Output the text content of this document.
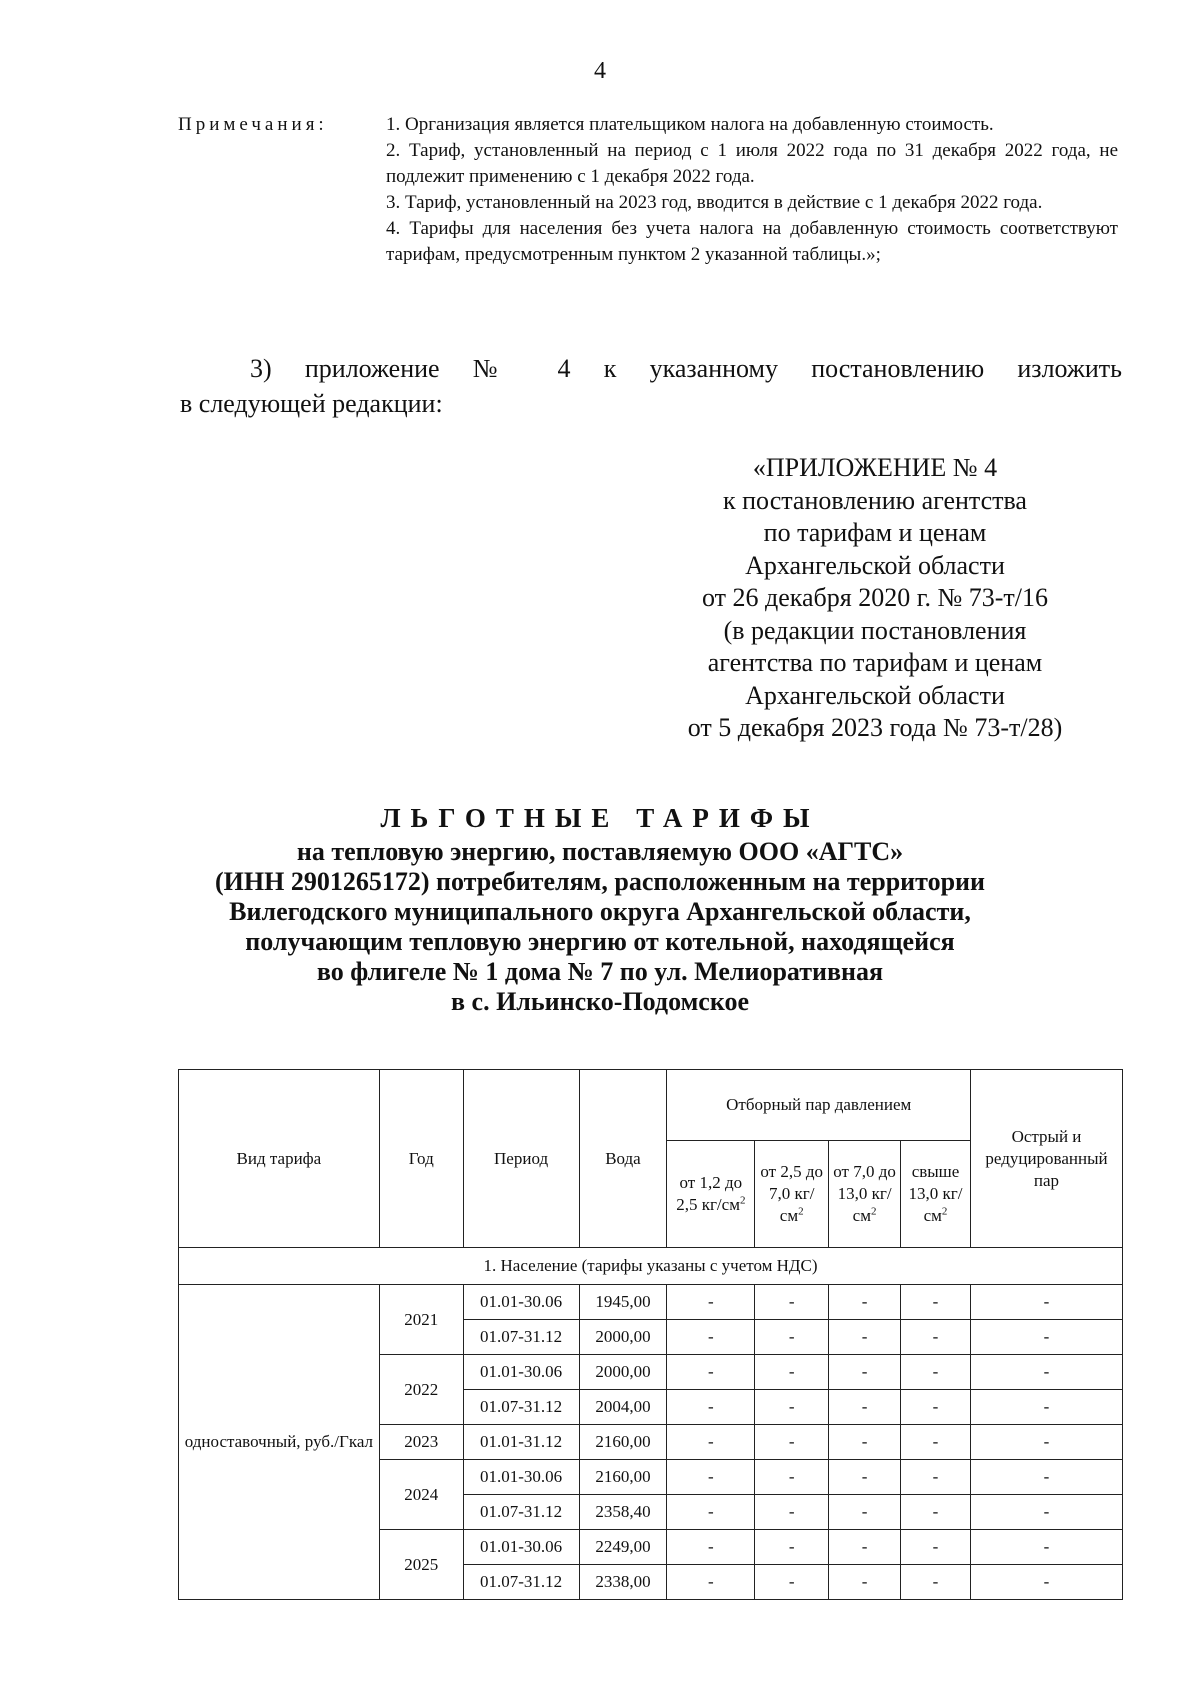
4
Примечания:	1. Организация является плательщиком налога на добавленную стоимость.
2. Тариф, установленный на период с 1 июля 2022 года по 31 декабря 2022 года, не подлежит применению с 1 декабря 2022 года.
3. Тариф, установленный на 2023 год, вводится в действие с 1 декабря 2022 года.
4. Тарифы для населения без учета налога на добавленную стоимость соответствуют тарифам, предусмотренным пунктом 2 указанной таблицы.»;
3) приложение № 4 к указанному постановлению изложить
в следующей редакции:
«ПРИЛОЖЕНИЕ № 4
к постановлению агентства
по тарифам и ценам
Архангельской области
от 26 декабря 2020 г. № 73-т/16
(в редакции постановления
агентства по тарифам и ценам
Архангельской области
от 5 декабря 2023 года № 73-т/28)
ЛЬГОТНЫЕ ТАРИФЫ
на тепловую энергию, поставляемую ООО «АГТС»
(ИНН 2901265172) потребителям, расположенным на территории
Вилегодского муниципального округа Архангельской области,
получающим тепловую энергию от котельной, находящейся
во флигеле № 1 дома № 7 по ул. Мелиоративная
в с. Ильинско-Подомское
Вид тарифа	Год	Период	Вода	Отборный пар давлением				Острый и редуцированный пар
				от 1,2 до 2,5 $кг/см^2$	от 2,5 до 7,0 $кг/см^2$	от 7,0 до 13,0 $кг/см^2$	свыше 13,0 $кг/см^2$
1. Население (тарифы указаны с учетом НДС)								
одноставочный, руб./Гкал	2021	01.01-30.06	1945,00	-	-	-	-	-
		01.07-31.12	2000,00	-	-	-	-	-
	2022	01.01-30.06	2000,00	-	-	-	-	-
		01.07-31.12	2004,00	-	-	-	-	-
	2023	01.01-31.12	2160,00	-	-	-	-	-
	2024	01.01-30.06	2160,00	-	-	-	-	-
		01.07-31.12	2358,40	-	-	-	-	-
	2025	01.01-30.06	2249,00	-	-	-	-	-
		01.07-31.12	2338,00	-	-	-	-	-
